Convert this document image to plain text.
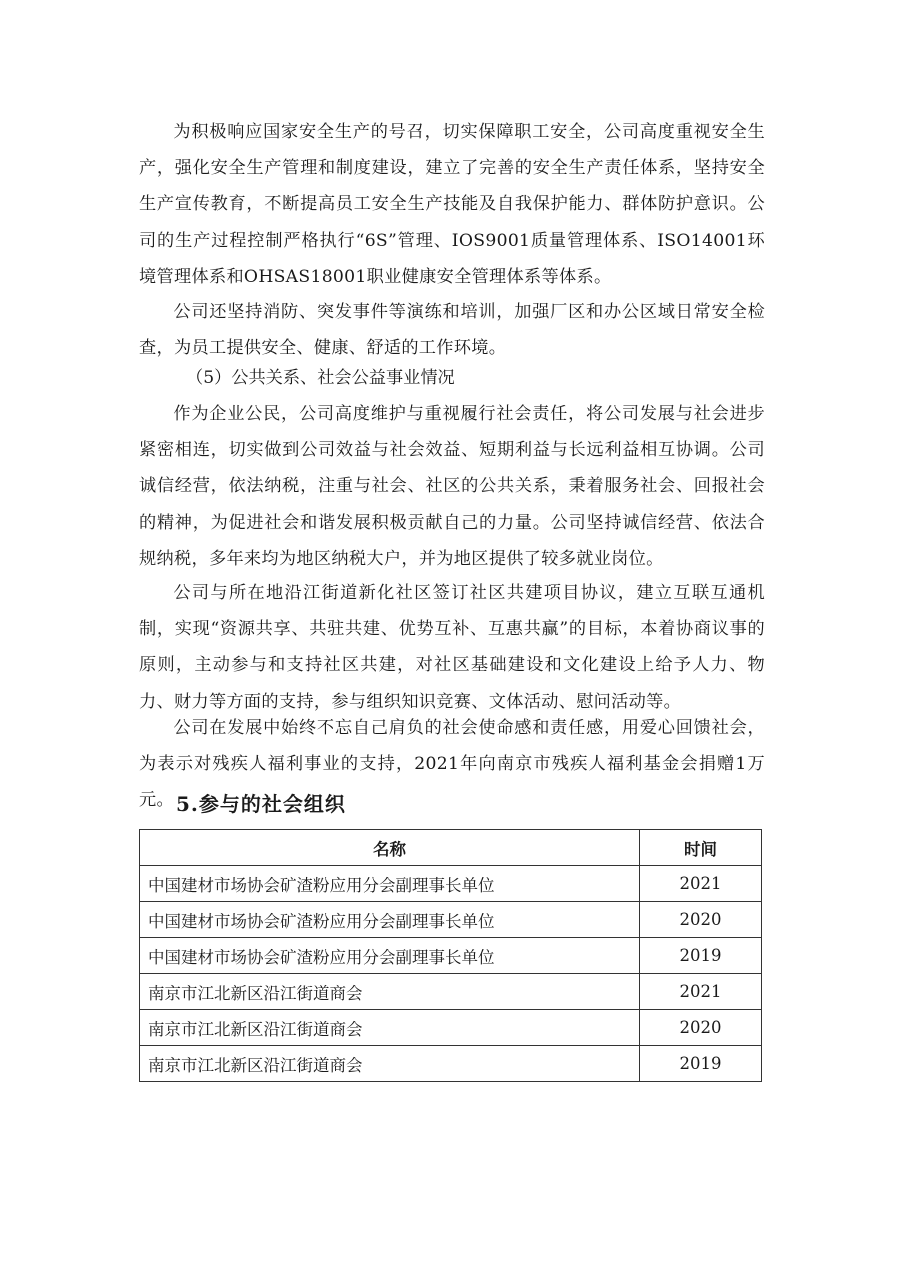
为积极响应国家安全生产的号召，切实保障职工安全，公司高度重视安全生产，强化安全生产管理和制度建设，建立了完善的安全生产责任体系，坚持安全生产宣传教育，不断提高员工安全生产技能及自我保护能力、群体防护意识。公司的生产过程控制严格执行“6S”管理、IOS9001质量管理体系、ISO14001环境管理体系和OHSAS18001职业健康安全管理体系等体系。

公司还坚持消防、突发事件等演练和培训，加强厂区和办公区域日常安全检查，为员工提供安全、健康、舒适的工作环境。

（5）公共关系、社会公益事业情况

作为企业公民，公司高度维护与重视履行社会责任，将公司发展与社会进步紧密相连，切实做到公司效益与社会效益、短期利益与长远利益相互协调。公司诚信经营，依法纳税，注重与社会、社区的公共关系，秉着服务社会、回报社会的精神，为促进社会和谐发展积极贡献自己的力量。公司坚持诚信经营、依法合规纳税，多年来均为地区纳税大户，并为地区提供了较多就业岗位。

公司与所在地沿江街道新化社区签订社区共建项目协议，建立互联互通机制，实现“资源共享、共驻共建、优势互补、互惠共赢”的目标，本着协商议事的原则，主动参与和支持社区共建，对社区基础建设和文化建设上给予人力、物力、财力等方面的支持，参与组织知识竞赛、文体活动、慰问活动等。

公司在发展中始终不忘自己肩负的社会使命感和责任感，用爱心回馈社会，为表示对残疾人福利事业的支持，2021年向南京市残疾人福利基金会捐赠1万元。 5.参与的社会组织
名称	时间
中国建材市场协会矿渣粉应用分会副理事长单位	2021
中国建材市场协会矿渣粉应用分会副理事长单位	2020
中国建材市场协会矿渣粉应用分会副理事长单位	2019
南京市江北新区沿江街道商会	2021
南京市江北新区沿江街道商会	2020
南京市江北新区沿江街道商会	2019
